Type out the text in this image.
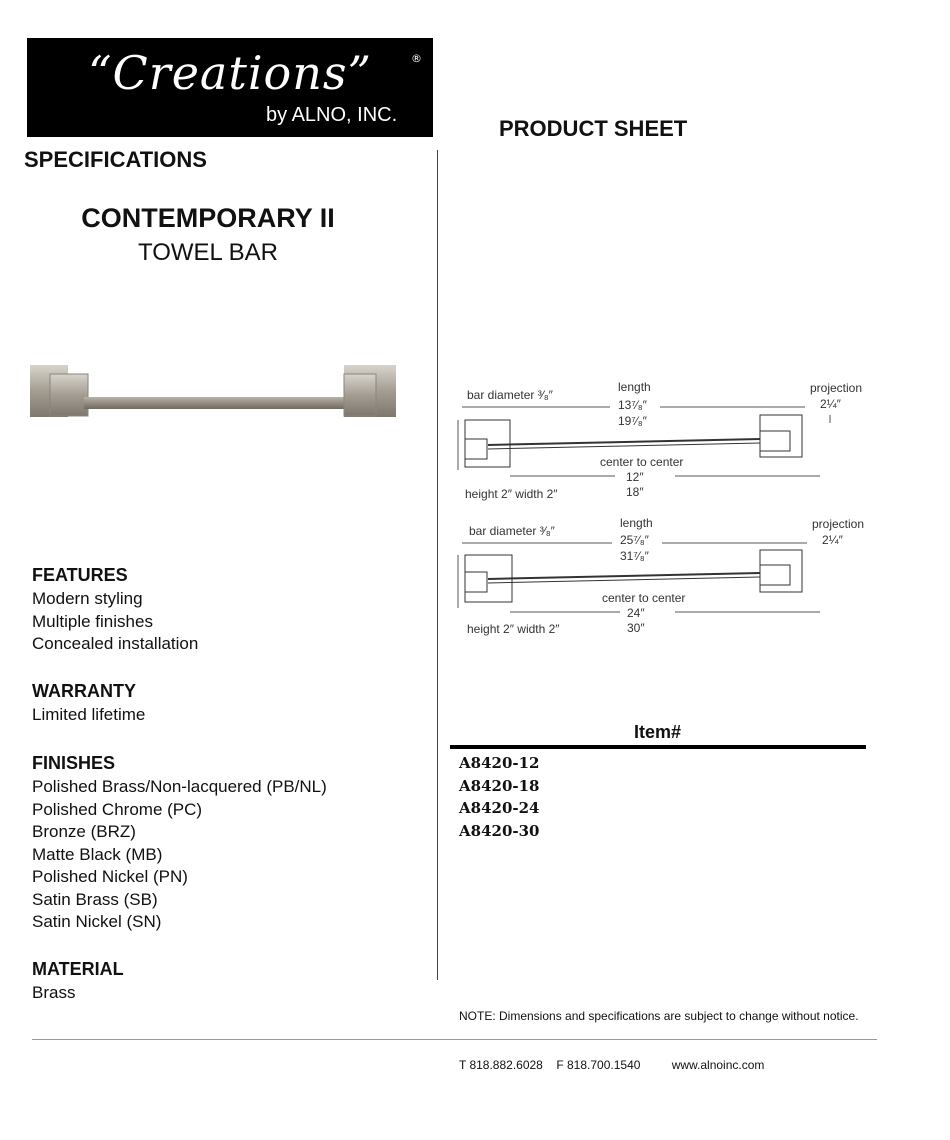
“Creations”	®
by ALNO, INC.
PRODUCT SHEET
SPECIFICATIONS
CONTEMPORARY II
TOWEL BAR
FEATURES
Modern styling
Multiple finishes
Concealed installation
WARRANTY
Limited lifetime
FINISHES
Polished Brass/Non-lacquered (PB/NL)
Polished Chrome (PC)
Bronze (BRZ)
Matte Black (MB)
Polished Nickel (PN)
Satin Brass (SB)
Satin Nickel (SN)
MATERIAL
Brass
bar diameter ³⁄₈″
length
13⁷⁄₈″
19⁷⁄₈″
projection
2¼″
center to center
12″
18″
height 2″ width 2″
bar diameter ³⁄₈″
length
25⁷⁄₈″
31⁷⁄₈″
projection
2¼″
center to center
24″
30″
height 2″ width 2″
Item#
A8420-12
A8420-18
A8420-24
A8420-30
NOTE: Dimensions and specifications are subject to change without notice.
T 818.882.6028 F 818.700.1540	www.alnoinc.com
